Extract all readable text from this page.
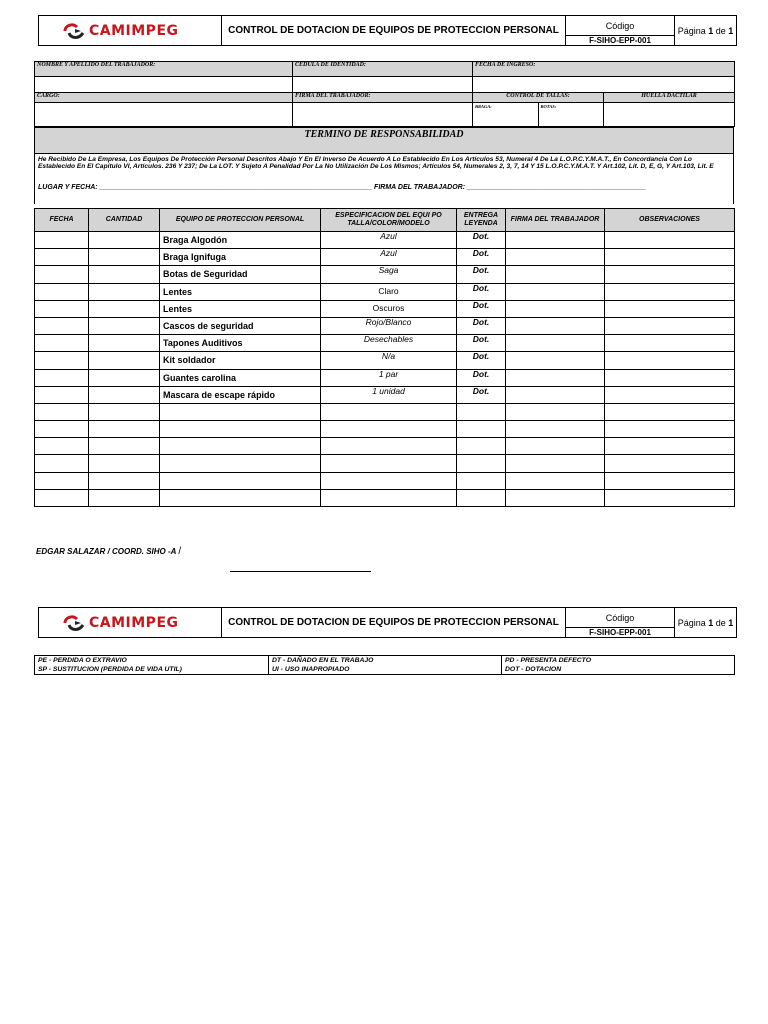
CAMIMPEG	CONTROL DE DOTACION DE EQUIPOS DE PROTECCION PERSONAL	Código
F-SIHO-EPP-001
Página
1
de
1
NOMBRE Y APELLIDO DEL TRABAJADOR:	CEDULA DE IDENTIDAD:	FECHA DE INGRESO:	

CARGO:	FIRMA DEL TRABAJADOR:	CONTROL DE TALLAS:	HUELLA DACTILAR

		BRAGA: BOTAS:	

TERMINO DE RESPONSABILIDAD
He Recibido De La Empresa, Los Equipos De Protección Personal Descritos Abajo Y En El Inverso De Acuerdo A Lo Establecido En Los Artículos 53, Numeral 4 De La L.O.P.C.Y.M.A.T., En Concordancia Con Lo Establecido En El Capítulo VI, Artículos. 236 Y 237; De La LOT. Y Sujeto A Penalidad Por La No Utilización De Los Mismos; Artículos 54, Numerales 2, 3, 7, 14 Y 15 L.O.P.C.Y.M.A.T. Y Art.102, Lit. D, E, G, Y Art.103, Lit. E
LUGAR Y FECHA: ______________________________________________________________________ FIRMA DEL TRABAJADOR: ______________________________________________
FECHA	CANTIDAD	EQUIPO DE PROTECCION PERSONAL	ESPECIFICACION DEL EQUI PO TALLA/COLOR/MODELO	ENTREGA LEYENDA	FIRMA DEL TRABAJADOR	OBSERVACIONES
		Braga Algodón	Azul	Dot.		
		Braga Ignifuga	Azul	Dot.		
		Botas de Seguridad	Saga	Dot.		
		Lentes	Claro	Dot.		
		Lentes	Oscuros	Dot.		
		Cascos de seguridad	Rojo/Blanco	Dot.		
		Tapones Auditivos	Desechables	Dot.		
		Kit soldador	N/a	Dot.		
		Guantes carolina	1 par	Dot.		
		Mascara de escape rápido	1 unidad	Dot.		

EDGAR SALAZAR / COORD. SIHO -A /
CAMIMPEG	CONTROL DE DOTACION DE EQUIPOS DE PROTECCION PERSONAL	Código
F-SIHO-EPP-001
Página
1
de
1
PE - PERDIDA O EXTRAVIO
SP - SUSTITUCION (PERDIDA DE VIDA UTIL)

DT - DAÑADO EN EL TRABAJO
UI - USO INAPROPIADO

PD - PRESENTA DEFECTO
DOT - DOTACION
